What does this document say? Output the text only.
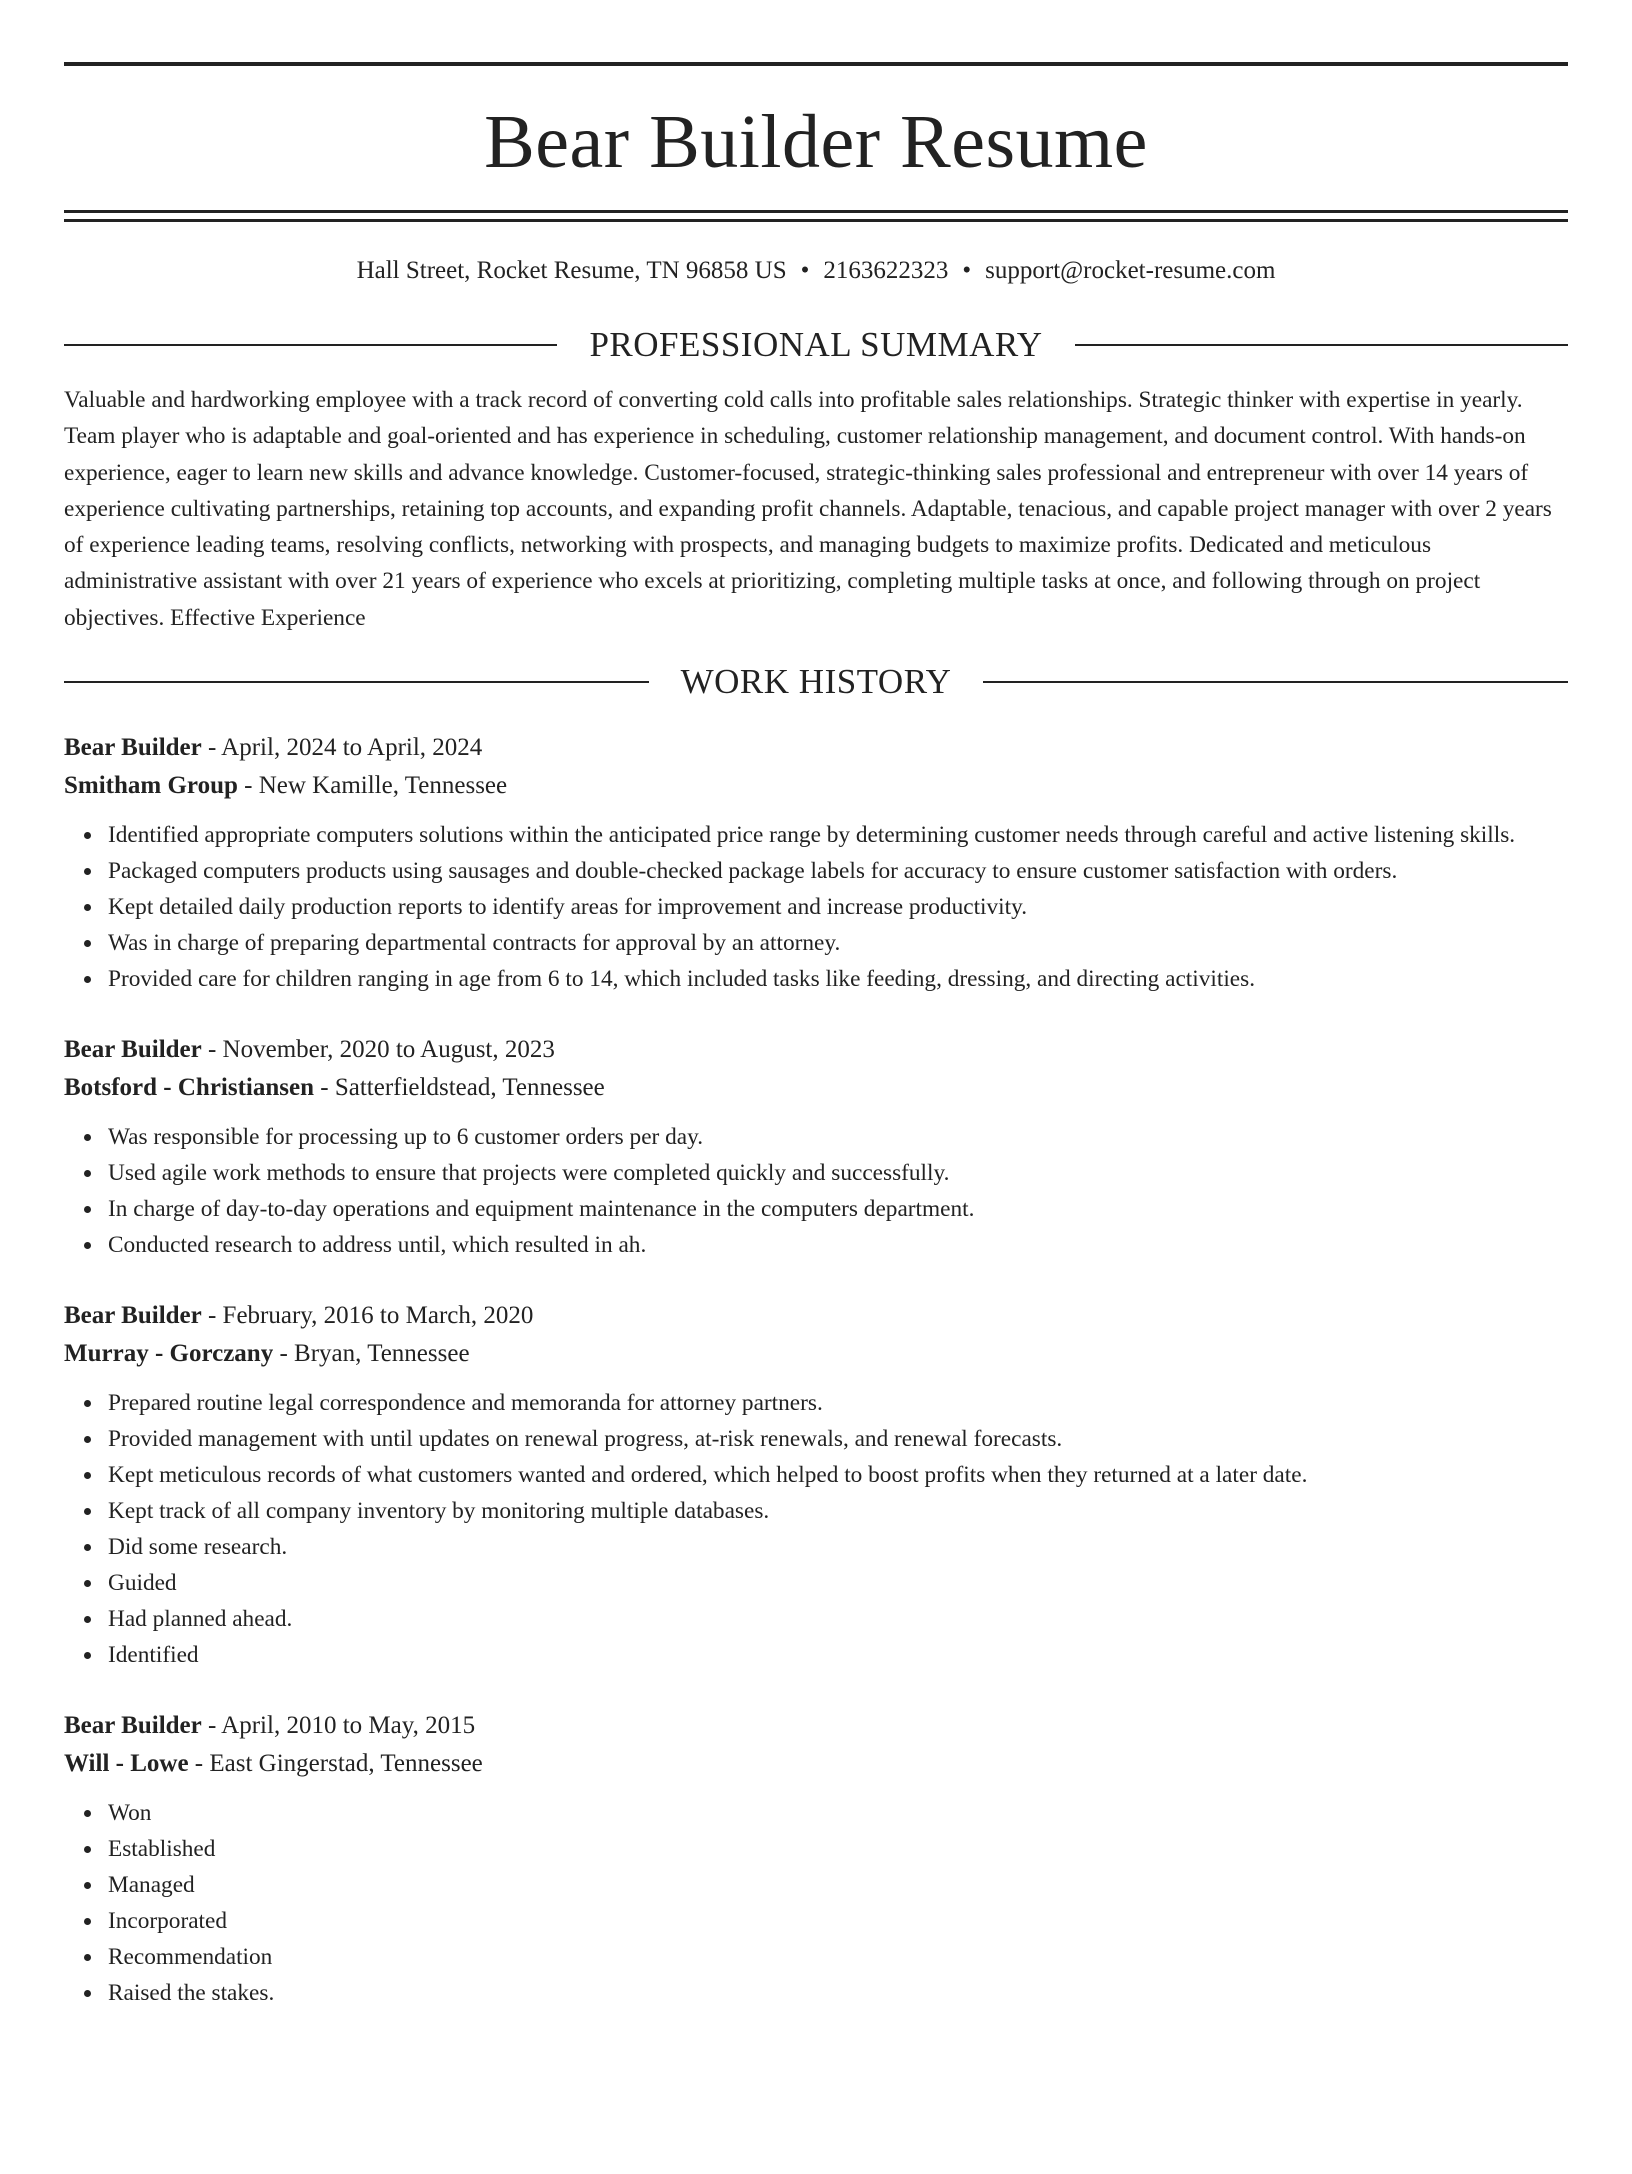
Bear Builder Resume
Hall Street, Rocket Resume, TN 96858 US • 2163622323 • support@rocket-resume.com
PROFESSIONAL SUMMARY
Valuable and hardworking employee with a track record of converting cold calls into profitable sales relationships. Strategic thinker with expertise in yearly. Team player who is adaptable and goal-oriented and has experience in scheduling, customer relationship management, and document control. With hands-on experience, eager to learn new skills and advance knowledge. Customer-focused, strategic-thinking sales professional and entrepreneur with over 14 years of experience cultivating partnerships, retaining top accounts, and expanding profit channels. Adaptable, tenacious, and capable project manager with over 2 years of experience leading teams, resolving conflicts, networking with prospects, and managing budgets to maximize profits. Dedicated and meticulous administrative assistant with over 21 years of experience who excels at prioritizing, completing multiple tasks at once, and following through on project objectives. Effective Experience
WORK HISTORY
Bear Builder - April, 2024 to April, 2024
Smitham Group - New Kamille, Tennessee
Identified appropriate computers solutions within the anticipated price range by determining customer needs through careful and active listening skills.
Packaged computers products using sausages and double-checked package labels for accuracy to ensure customer satisfaction with orders.
Kept detailed daily production reports to identify areas for improvement and increase productivity.
Was in charge of preparing departmental contracts for approval by an attorney.
Provided care for children ranging in age from 6 to 14, which included tasks like feeding, dressing, and directing activities.
Bear Builder - November, 2020 to August, 2023
Botsford - Christiansen - Satterfieldstead, Tennessee
Was responsible for processing up to 6 customer orders per day.
Used agile work methods to ensure that projects were completed quickly and successfully.
In charge of day-to-day operations and equipment maintenance in the computers department.
Conducted research to address until, which resulted in ah.
Bear Builder - February, 2016 to March, 2020
Murray - Gorczany - Bryan, Tennessee
Prepared routine legal correspondence and memoranda for attorney partners.
Provided management with until updates on renewal progress, at-risk renewals, and renewal forecasts.
Kept meticulous records of what customers wanted and ordered, which helped to boost profits when they returned at a later date.
Kept track of all company inventory by monitoring multiple databases.
Did some research.
Guided
Had planned ahead.
Identified
Bear Builder - April, 2010 to May, 2015
Will - Lowe - East Gingerstad, Tennessee
Won
Established
Managed
Incorporated
Recommendation
Raised the stakes.
